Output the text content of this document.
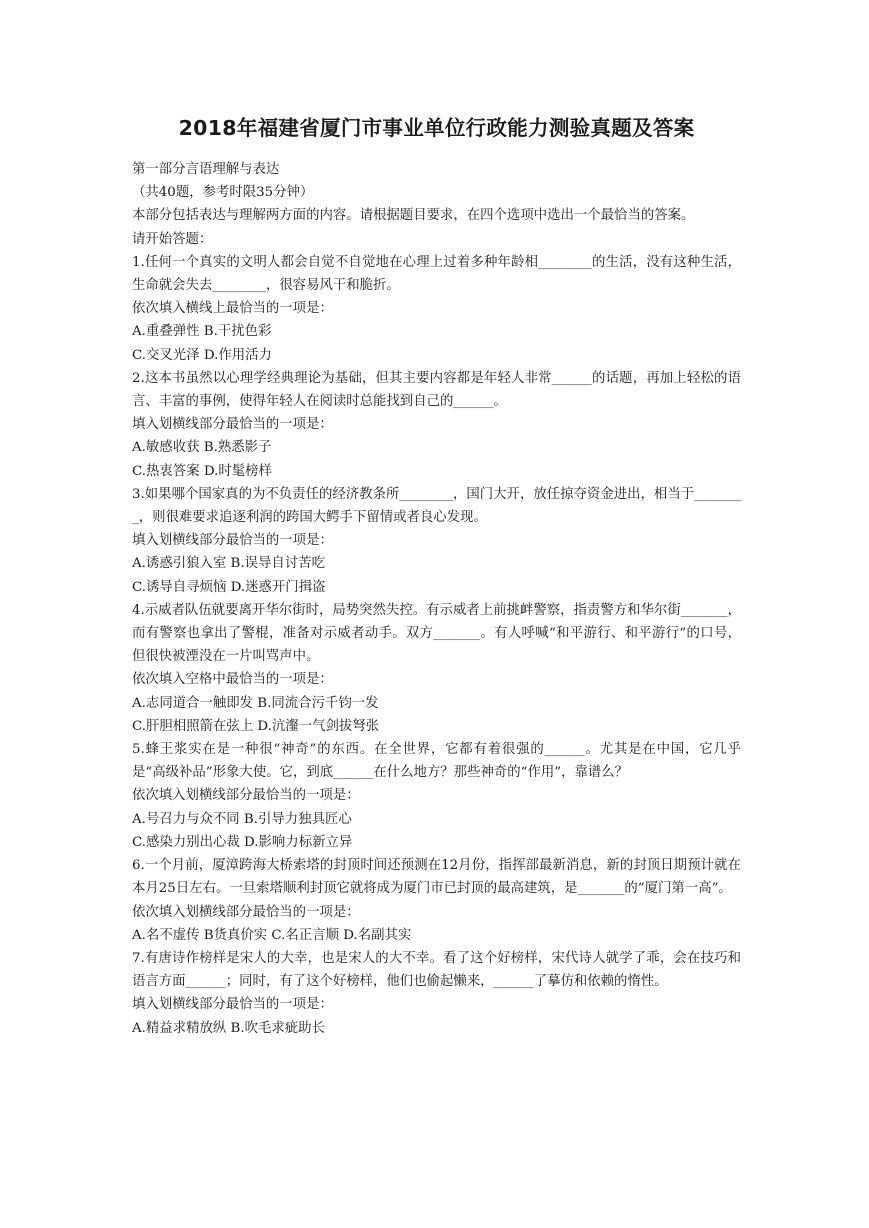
2018年福建省厦门市事业单位行政能力测验真题及答案

第一部分言语理解与表达

（共40题，参考时限35分钟）

本部分包括表达与理解两方面的内容。请根据题目要求，在四个选项中选出一个最恰当的答案。

请开始答题：

1.任何一个真实的文明人都会自觉不自觉地在心理上过着多种年龄相________的生活，没有这种生活，生命就会失去________，很容易风干和脆折。

依次填入横线上最恰当的一项是：

A.重叠弹性 B.干扰色彩

C.交叉光泽 D.作用活力

2.这本书虽然以心理学经典理论为基础，但其主要内容都是年轻人非常______的话题，再加上轻松的语言、丰富的事例，使得年轻人在阅读时总能找到自己的______。

填入划横线部分最恰当的一项是：

A.敏感收获 B.熟悉影子

C.热衷答案 D.时髦榜样

3.如果哪个国家真的为不负责任的经济教条所________，国门大开，放任掠夺资金进出，相当于________，则很难要求追逐利润的跨国大鳄手下留情或者良心发现。

填入划横线部分最恰当的一项是：

A.诱惑引狼入室 B.误导自讨苦吃

C.诱导自寻烦恼 D.迷惑开门揖盗

4.示威者队伍就要离开华尔街时，局势突然失控。有示威者上前挑衅警察，指责警方和华尔街_______，而有警察也拿出了警棍，准备对示威者动手。双方_______。有人呼喊“和平游行、和平游行”的口号，但很快被湮没在一片叫骂声中。

依次填入空格中最恰当的一项是：

A.志同道合一触即发 B.同流合污千钧一发

C.肝胆相照箭在弦上 D.沆瀣一气剑拔弩张

5.蜂王浆实在是一种很“神奇”的东西。在全世界，它都有着很强的______。尤其是在中国，它几乎是“高级补品”形象大使。它，到底______在什么地方？那些神奇的“作用”，靠谱么？

依次填入划横线部分最恰当的一项是：

A.号召力与众不同 B.引导力独具匠心

C.感染力别出心裁 D.影响力标新立异

6.一个月前，厦漳跨海大桥索塔的封顶时间还预测在12月份，指挥部最新消息，新的封顶日期预计就在本月25日左右。一旦索塔顺利封顶它就将成为厦门市已封顶的最高建筑，是_______的“厦门第一高”。

依次填入划横线部分最恰当的一项是：

A.名不虚传 B货真价实 C.名正言顺 D.名副其实

7.有唐诗作榜样是宋人的大幸，也是宋人的大不幸。看了这个好榜样，宋代诗人就学了乖，会在技巧和语言方面______；同时，有了这个好榜样，他们也偷起懒来，______了摹仿和依赖的惰性。

填入划横线部分最恰当的一项是：

A.精益求精放纵 B.吹毛求疵助长
